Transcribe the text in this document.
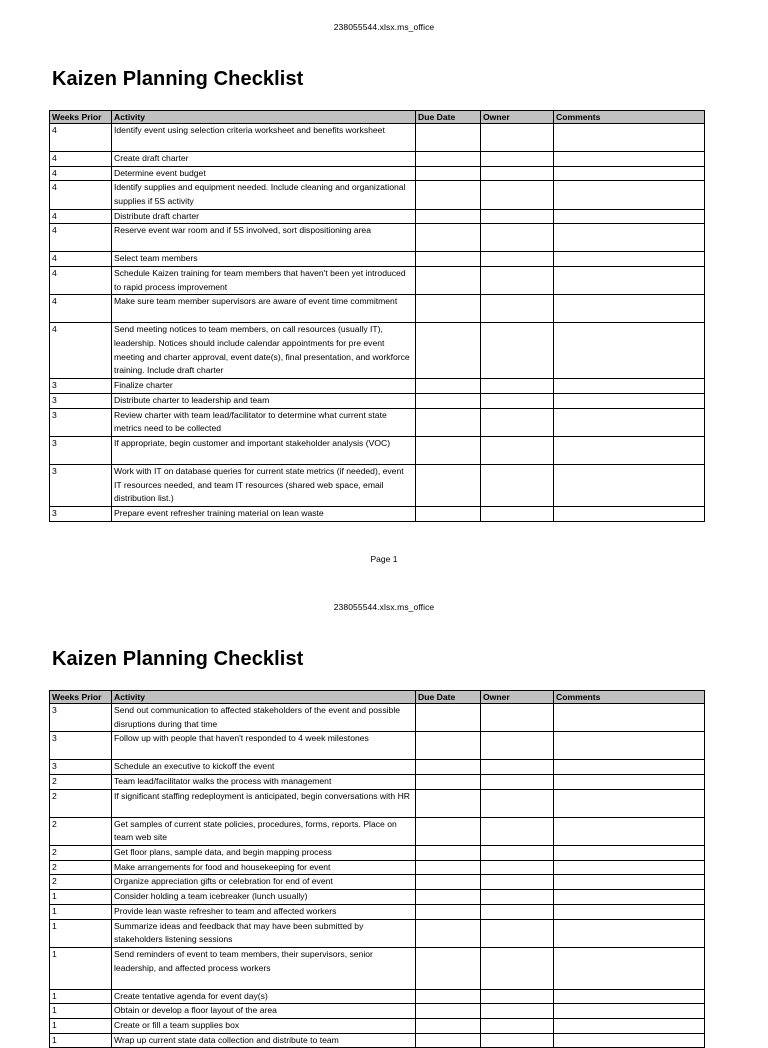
238055544.xlsx.ms_office
Kaizen Planning Checklist
Weeks Prior	Activity	Due Date	Owner	Comments
4	Identify event using selection criteria worksheet and benefits worksheet			
4	Create draft charter			
4	Determine event budget			
4	Identify supplies and equipment needed. Include cleaning and organizational supplies if 5S activity			
4	Distribute draft charter			
4	Reserve event war room and if 5S involved, sort dispositioning area			
4	Select team members			
4	Schedule Kaizen training for team members that haven't been yet introduced to rapid process improvement			
4	Make sure team member supervisors are aware of event time commitment			
4	Send meeting notices to team members, on call resources (usually IT), leadership. Notices should include calendar appointments for pre event meeting and charter approval, event date(s), final presentation, and workforce training. Include draft charter			
3	Finalize charter			
3	Distribute charter to leadership and team			
3	Review charter with team lead/facilitator to determine what current state metrics need to be collected			
3	If appropriate, begin customer and important stakeholder analysis (VOC)			
3	Work with IT on database queries for current state metrics (if needed), event IT resources needed, and team IT resources (shared web space, email distribution list.)			
3	Prepare event refresher training material on lean waste			
Page 1
238055544.xlsx.ms_office
Kaizen Planning Checklist
Weeks Prior	Activity	Due Date	Owner	Comments
3	Send out communication to affected stakeholders of the event and possible disruptions during that time			
3	Follow up with people that haven't responded to 4 week milestones			
3	Schedule an executive to kickoff the event			
2	Team lead/facilitator walks the process with management			
2	If significant staffing redeployment is anticipated, begin conversations with HR			
2	Get samples of current state policies, procedures, forms, reports. Place on team web site			
2	Get floor plans, sample data, and begin mapping process			
2	Make arrangements for food and housekeeping for event			
2	Organize appreciation gifts or celebration for end of event			
1	Consider holding a team icebreaker (lunch usually)			
1	Provide lean waste refresher to team and affected workers			
1	Summarize ideas and feedback that may have been submitted by stakeholders listening sessions			
1	Send reminders of event to team members, their supervisors, senior leadership, and affected process workers			
1	Create tentative agenda for event day(s)			
1	Obtain or develop a floor layout of the area			
1	Create or fill a team supplies box			
1	Wrap up current state data collection and distribute to team			
